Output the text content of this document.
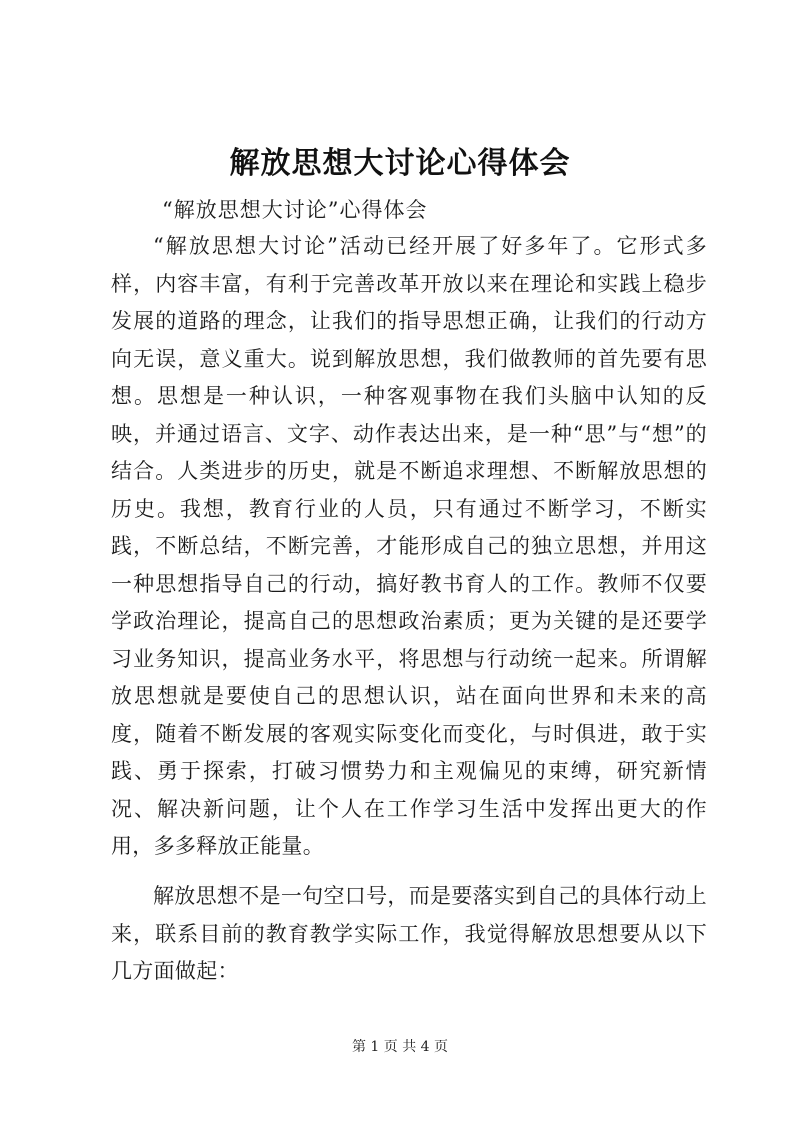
解放思想大讨论心得体会
“解放思想大讨论”心得体会

“解放思想大讨论”活动已经开展了好多年了。它形式多样，内容丰富，有利于完善改革开放以来在理论和实践上稳步发展的道路的理念，让我们的指导思想正确，让我们的行动方向无误，意义重大。说到解放思想，我们做教师的首先要有思想。思想是一种认识，一种客观事物在我们头脑中认知的反映，并通过语言、文字、动作表达出来，是一种“思”与“想”的结合。人类进步的历史，就是不断追求理想、不断解放思想的历史。我想，教育行业的人员，只有通过不断学习，不断实践，不断总结，不断完善，才能形成自己的独立思想，并用这一种思想指导自己的行动，搞好教书育人的工作。教师不仅要学政治理论，提高自己的思想政治素质；更为关键的是还要学习业务知识，提高业务水平，将思想与行动统一起来。所谓解放思想就是要使自己的思想认识，站在面向世界和未来的高度，随着不断发展的客观实际变化而变化，与时俱进，敢于实践、勇于探索，打破习惯势力和主观偏见的束缚，研究新情况、解决新问题，让个人在工作学习生活中发挥出更大的作用，多多释放正能量。

解放思想不是一句空口号，而是要落实到自己的具体行动上来，联系目前的教育教学实际工作，我觉得解放思想要从以下几方面做起：

第 1 页 共 4 页
